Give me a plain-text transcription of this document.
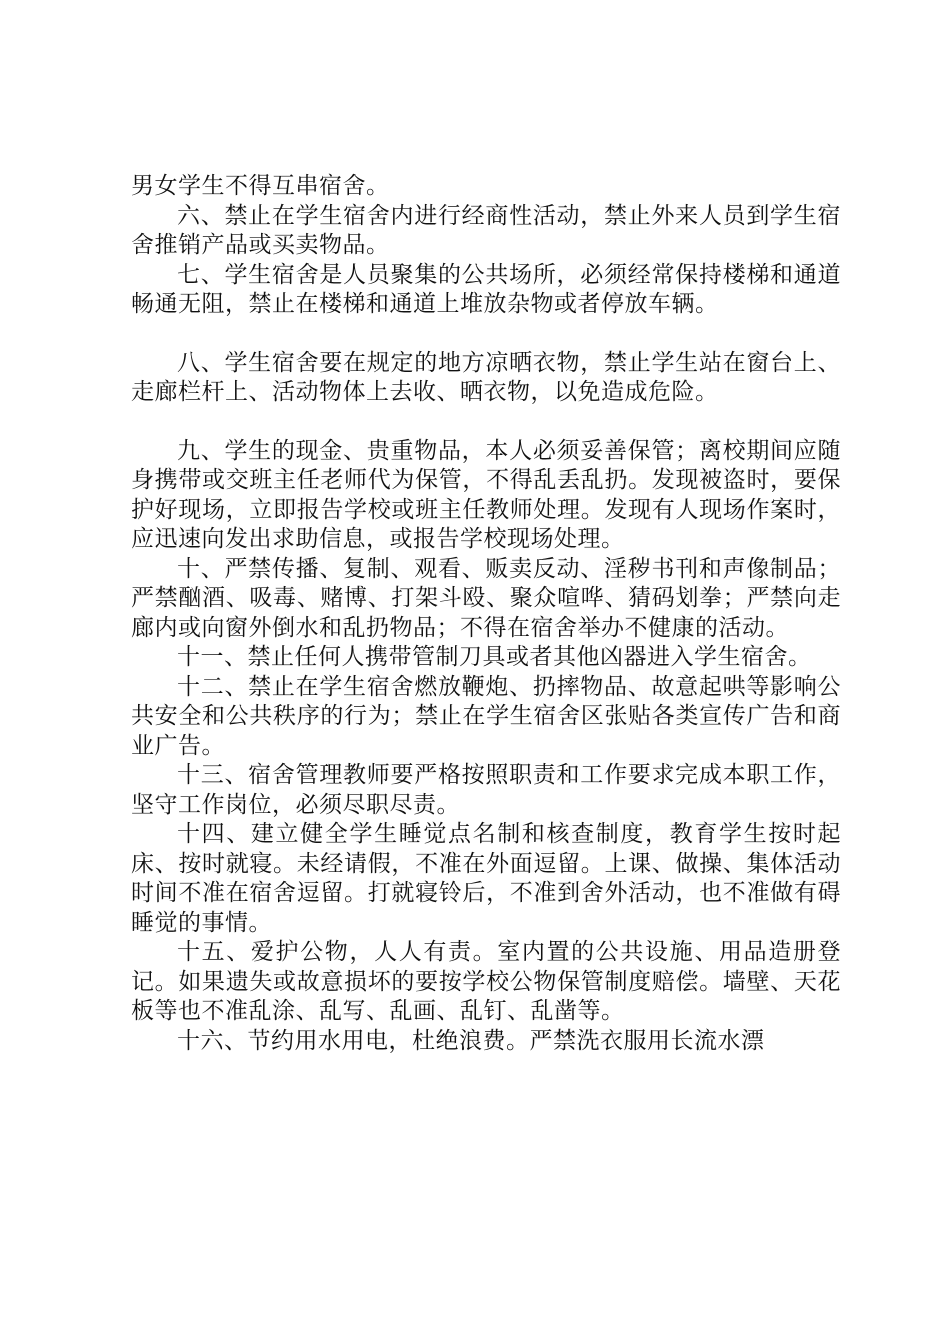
男女学生不得互串宿舍。

六、禁止在学生宿舍内进行经商性活动，禁止外来人员到学生宿舍推销产品或买卖物品。

七、学生宿舍是人员聚集的公共场所，必须经常保持楼梯和通道畅通无阻，禁止在楼梯和通道上堆放杂物或者停放车辆。

八、学生宿舍要在规定的地方凉晒衣物，禁止学生站在窗台上、走廊栏杆上、活动物体上去收、晒衣物，以免造成危险。

九、学生的现金、贵重物品，本人必须妥善保管；离校期间应随身携带或交班主任老师代为保管，不得乱丢乱扔。发现被盗时，要保护好现场，立即报告学校或班主任教师处理。发现有人现场作案时，应迅速向发出求助信息，或报告学校现场处理。

十、严禁传播、复制、观看、贩卖反动、淫秽书刊和声像制品；严禁酗酒、吸毒、赌博、打架斗殴、聚众喧哗、猜码划拳；严禁向走廊内或向窗外倒水和乱扔物品；不得在宿舍举办不健康的活动。

十一、禁止任何人携带管制刀具或者其他凶器进入学生宿舍。

十二、禁止在学生宿舍燃放鞭炮、扔摔物品、故意起哄等影响公共安全和公共秩序的行为；禁止在学生宿舍区张贴各类宣传广告和商业广告。

十三、宿舍管理教师要严格按照职责和工作要求完成本职工作，坚守工作岗位，必须尽职尽责。

十四、建立健全学生睡觉点名制和核查制度，教育学生按时起床、按时就寝。未经请假，不准在外面逗留。上课、做操、集体活动时间不准在宿舍逗留。打就寝铃后，不准到舍外活动，也不准做有碍睡觉的事情。

十五、爱护公物，人人有责。室内置的公共设施、用品造册登记。如果遗失或故意损坏的要按学校公物保管制度赔偿。墙壁、天花板等也不准乱涂、乱写、乱画、乱钉、乱凿等。

十六、节约用水用电，杜绝浪费。严禁洗衣服用长流水漂
